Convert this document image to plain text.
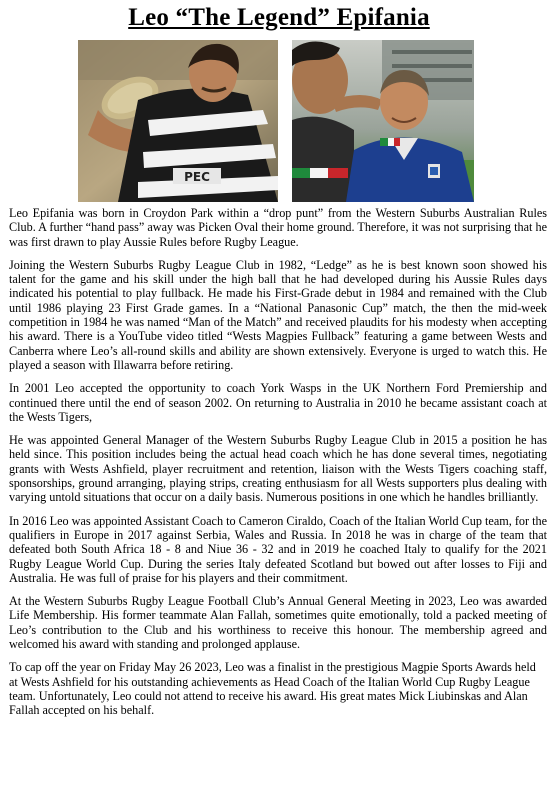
Leo “The Legend” Epifania
PEC

Leo Epifania was born in Croydon Park within a “drop punt” from the Western Suburbs Australian Rules Club. A further “hand pass” away was Picken Oval their home ground. Therefore, it was not surprising that he was first drawn to play Aussie Rules before Rugby League.

Joining the Western Suburbs Rugby League Club in 1982, “Ledge” as he is best known soon showed his talent for the game and his skill under the high ball that he had developed during his Aussie Rules days indicated his potential to play fullback. He made his First-Grade debut in 1984 and remained with the Club until 1986 playing 23 First Grade games. In a “National Panasonic Cup” match, the then the mid-week competition in 1984 he was named “Man of the Match” and received plaudits for his modesty when accepting his award. There is a YouTube video titled “Wests Magpies Fullback” featuring a game between Wests and Canberra where Leo’s all-round skills and ability are shown extensively. Everyone is urged to watch this. He played a season with Illawarra before retiring.

In 2001 Leo accepted the opportunity to coach York Wasps in the UK Northern Ford Premiership and continued there until the end of season 2002. On returning to Australia in 2010 he became assistant coach at the Wests Tigers,

He was appointed General Manager of the Western Suburbs Rugby League Club in 2015 a position he has held since. This position includes being the actual head coach which he has done several times, negotiating grants with Wests Ashfield, player recruitment and retention, liaison with the Wests Tigers coaching staff, sponsorships, ground arranging, playing strips, creating enthusiasm for all Wests supporters plus dealing with varying untold situations that occur on a daily basis. Numerous positions in one which he handles brilliantly.

In 2016 Leo was appointed Assistant Coach to Cameron Ciraldo, Coach of the Italian World Cup team, for the qualifiers in Europe in 2017 against Serbia, Wales and Russia. In 2018 he was in charge of the team that defeated both South Africa 18 - 8 and Niue 36 - 32 and in 2019 he coached Italy to qualify for the 2021 Rugby League World Cup. During the series Italy defeated Scotland but bowed out after losses to Fiji and Australia. He was full of praise for his players and their commitment.

At the Western Suburbs Rugby League Football Club’s Annual General Meeting in 2023, Leo was awarded Life Membership. His former teammate Alan Fallah, sometimes quite emotionally, told a packed meeting of Leo’s contribution to the Club and his worthiness to receive this honour. The membership agreed and welcomed his award with standing and prolonged applause.

To cap off the year on Friday May 26 2023, Leo was a finalist in the prestigious Magpie Sports Awards held at Wests Ashfield for his outstanding achievements as Head Coach of the Italian World Cup Rugby League team. Unfortunately, Leo could not attend to receive his award. His great mates Mick Liubinskas and Alan Fallah accepted on his behalf.
